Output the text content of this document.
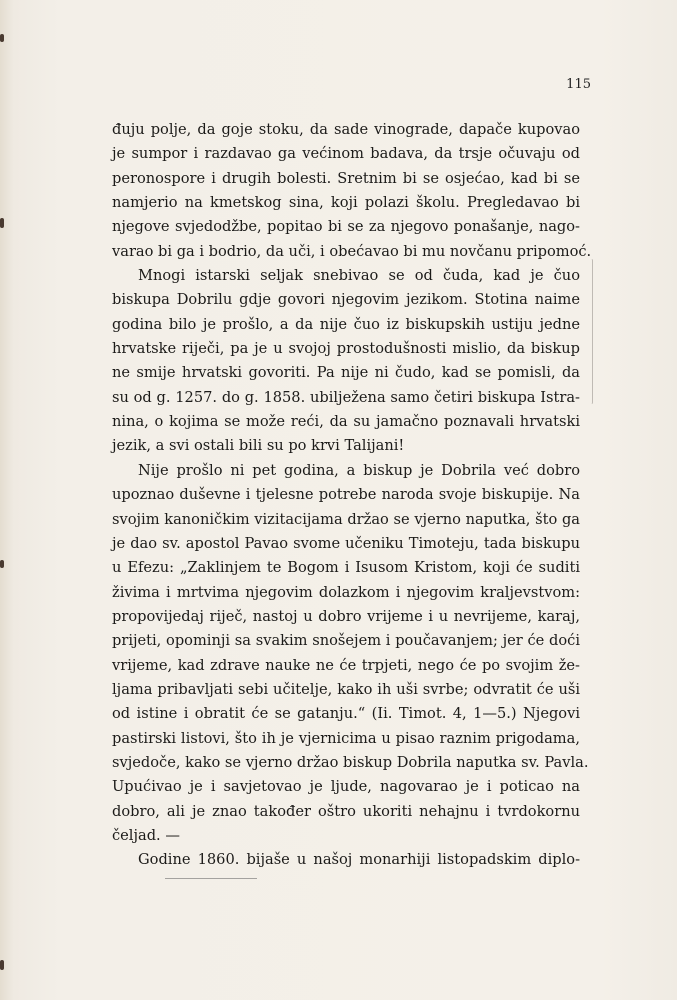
115
đuju polje, da goje stoku, da sade vinograde, dapače kupovao
je sumpor i razdavao ga većinom badava, da trsje očuvaju od
peronospore i drugih bolesti. Sretnim bi se osjećao, kad bi se
namjerio na kmetskog sina, koji polazi školu. Pregledavao bi
njegove svjedodžbe, popitao bi se za njegovo ponašanje, nago-
varao bi ga i bodrio, da uči, i obećavao bi mu novčanu pripomoć.
Mnogi istarski seljak snebivao se od čuda, kad je čuo
biskupa Dobrilu gdje govori njegovim jezikom. Stotina naime
godina bilo je prošlo, a da nije čuo iz biskupskih ustiju jedne
hrvatske riječi, pa je u svojoj prostodušnosti mislio, da biskup
ne smije hrvatski govoriti. Pa nije ni čudo, kad se pomisli, da
su od g. 1257. do g. 1858. ubilježena samo četiri biskupa Istra-
nina, o kojima se može reći, da su jamačno poznavali hrvatski
jezik, a svi ostali bili su po krvi Talijani!
Nije prošlo ni pet godina, a biskup je Dobrila već dobro
upoznao duševne i tjelesne potrebe naroda svoje biskupije. Na
svojim kanoničkim vizitacijama držao se vjerno naputka, što ga
je dao sv. apostol Pavao svome učeniku Timoteju, tada biskupu
u Efezu: „Zaklinjem te Bogom i Isusom Kristom, koji će suditi
živima i mrtvima njegovim dolazkom i njegovim kraljevstvom:
propovijedaj riječ, nastoj u dobro vrijeme i u nevrijeme, karaj,
prijeti, opominji sa svakim snošejem i poučavanjem; jer će doći
vrijeme, kad zdrave nauke ne će trpjeti, nego će po svojim že-
ljama pribavljati sebi učitelje, kako ih uši svrbe; odvratit će uši
od istine i obratit će se gatanju.“ (Ii. Timot. 4, 1—5.) Njegovi
pastirski listovi, što ih je vjernicima u pisao raznim prigodama,
svjedoče, kako se vjerno držao biskup Dobrila naputka sv. Pavla.
Upućivao je i savjetovao je ljude, nagovarao je i poticao na
dobro, ali je znao također oštro ukoriti nehajnu i tvrdokornu
čeljad. —
Godine 1860. bijaše u našoj monarhiji listopadskim diplo-
